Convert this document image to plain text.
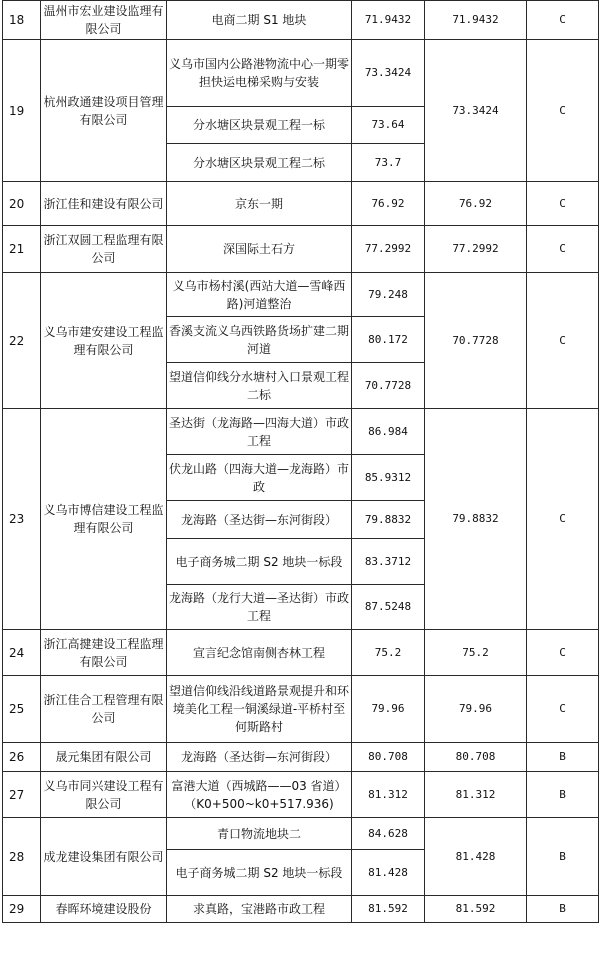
18	温州市宏业建设监理有限公司	电商二期 S1 地块	71.9432	71.9432	C
19	杭州政通建设项目管理有限公司	义乌市国内公路港物流中心一期零担快运电梯采购与安装	73.3424	73.3424	C
		分水塘区块景观工程一标	73.64		
		分水塘区块景观工程二标	73.7		
20	浙江佳和建设有限公司	京东一期	76.92	76.92	C
21	浙江双圆工程监理有限公司	深国际土石方	77.2992	77.2992	C
22	义乌市建安建设工程监理有限公司	义乌市杨村溪(西站大道—雪峰西路)河道整治	79.248	70.7728	C
		香溪支流义乌西铁路货场扩建二期河道	80.172		
		望道信仰线分水塘村入口景观工程二标	70.7728		
23	义乌市博信建设工程监理有限公司	圣达街（龙海路—四海大道）市政工程	86.984	79.8832	C
		伏龙山路（四海大道—龙海路）市政	85.9312		
		龙海路（圣达街—东河街段）	79.8832		
		电子商务城二期 S2 地块一标段	83.3712		
		龙海路（龙行大道—圣达街）市政工程	87.5248		
24	浙江高揵建设工程监理有限公司	宣言纪念馆南侧杏林工程	75.2	75.2	C
25	浙江佳合工程管理有限公司	望道信仰线沿线道路景观提升和环境美化工程一铜溪绿道-平桥村至何斯路村	79.96	79.96	C
26	晟元集团有限公司	龙海路（圣达街—东河街段）	80.708	80.708	B
27	义乌市同兴建设工程有限公司	富港大道（西城路——03 省道）（K0+500~k0+517.936)	81.312	81.312	B
28	成龙建设集团有限公司	青口物流地块二	84.628	81.428	B
		电子商务城二期 S2 地块一标段	81.428		
29	春晖环境建设股份	求真路，宝港路市政工程	81.592	81.592	B
